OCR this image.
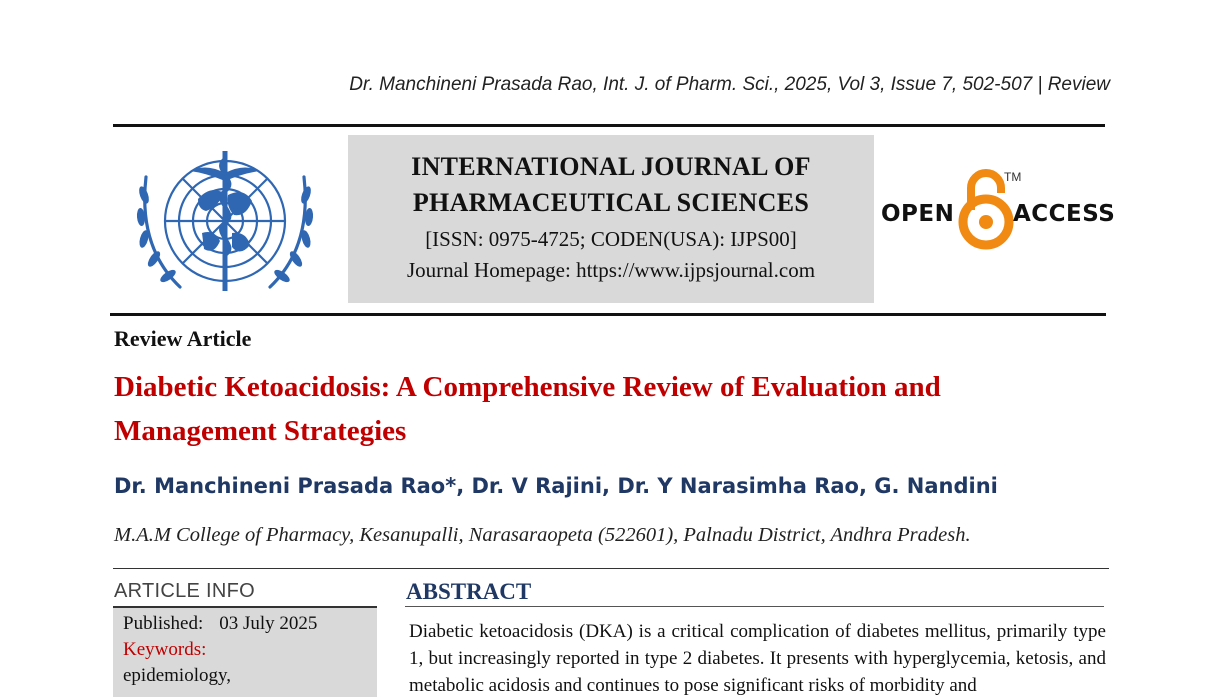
Dr. Manchineni Prasada Rao, Int. J. of Pharm. Sci., 2025, Vol 3, Issue 7, 502-507 | Review
INTERNATIONAL JOURNAL OF
PHARMACEUTICAL SCIENCES
[ISSN: 0975-4725; CODEN(USA): IJPS00]
Journal Homepage: https://www.ijpsjournal.com
OPEN
TM
ACCESS
Review Article
Diabetic Ketoacidosis: A Comprehensive Review of Evaluation and Management Strategies
Dr. Manchineni Prasada Rao*, Dr. V Rajini, Dr. Y Narasimha Rao, G. Nandini
M.A.M College of Pharmacy, Kesanupalli, Narasaraopeta (522601), Palnadu District, Andhra Pradesh.
ARTICLE INFO
Published: 03 July 2025
Keywords:
epidemiology,
ABSTRACT
Diabetic ketoacidosis (DKA) is a critical complication of diabetes mellitus, primarily type 1, but increasingly reported in type 2 diabetes. It presents with hyperglycemia, ketosis, and metabolic acidosis and continues to pose significant risks of morbidity and
